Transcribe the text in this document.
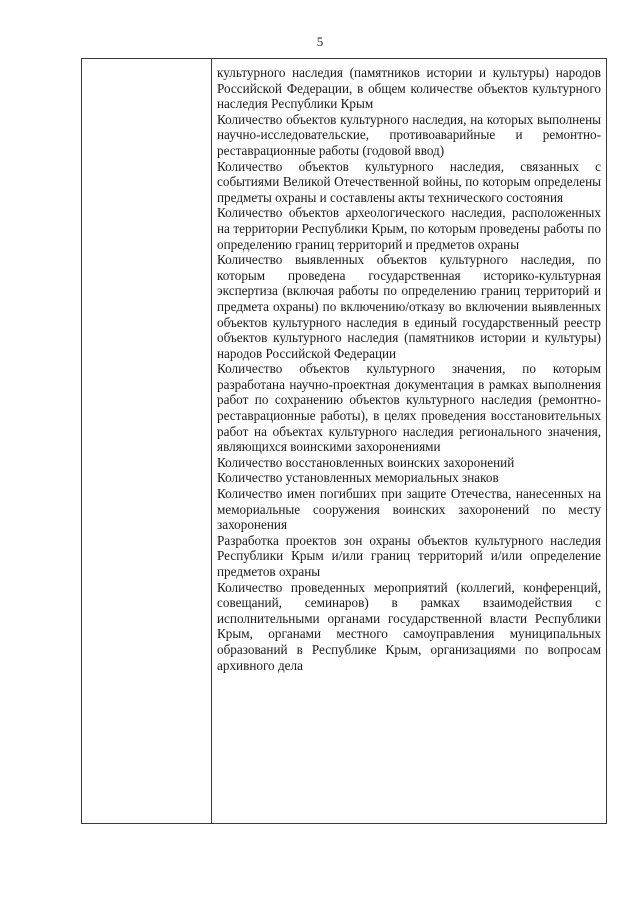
5

культурного наследия (памятников истории и культуры) народов Российской Федерации, в общем количестве объектов культурного наследия Республики Крым

Количество объектов культурного наследия, на которых выполнены научно-исследовательские, противоаварийные и ремонтно-реставрационные работы (годовой ввод)

Количество объектов культурного наследия, связанных с событиями Великой Отечественной войны, по которым определены предметы охраны и составлены акты технического состояния

Количество объектов археологического наследия, расположенных на территории Республики Крым, по которым проведены работы по определению границ территорий и предметов охраны

Количество выявленных объектов культурного наследия, по которым проведена государственная историко-культурная экспертиза (включая работы по определению границ территорий и предмета охраны) по включению/отказу во включении выявленных объектов культурного наследия в единый государственный реестр объектов культурного наследия (памятников истории и культуры) народов Российской Федерации

Количество объектов культурного значения, по которым разработана научно-проектная документация в рамках выполнения работ по сохранению объектов культурного наследия (ремонтно-реставрационные работы), в целях проведения восстановительных работ на объектах культурного наследия регионального значения, являющихся воинскими захоронениями

Количество восстановленных воинских захоронений

Количество установленных мемориальных знаков

Количество имен погибших при защите Отечества, нанесенных на мемориальные сооружения воинских захоронений по месту захоронения

Разработка проектов зон охраны объектов культурного наследия Республики Крым и/или границ территорий и/или определение предметов охраны

Количество проведенных мероприятий (коллегий, конференций, совещаний, семинаров) в рамках взаимодействия с исполнительными органами государственной власти Республики Крым, органами местного самоуправления муниципальных образований в Республике Крым, организациями по вопросам архивного дела
